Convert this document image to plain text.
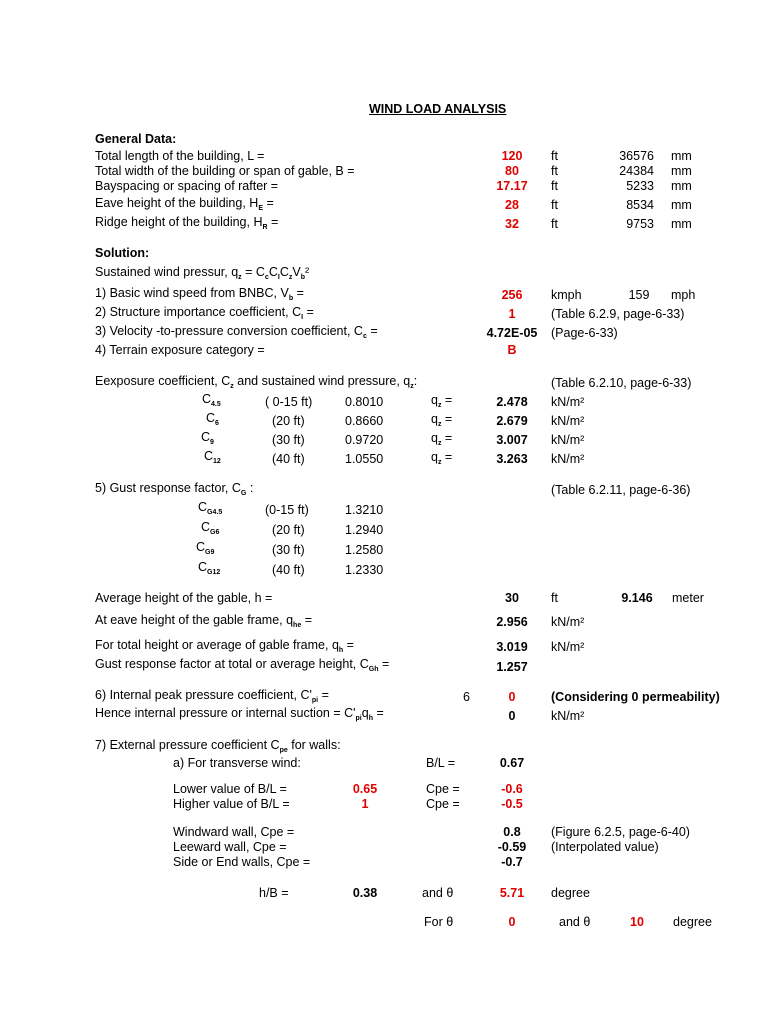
WIND LOAD ANALYSIS
General Data:
Total length of the building, L =	120	ft	36576 mm
Total width of the building or span of gable, B =	80	ft	24384 mm
Bayspacing or spacing of rafter =	17.17	ft	5233 mm
Eave height of the building, $H_E$ =	28	ft	8534 mm
Ridge height of the building, $H_R$ =	32	ft	9753 mm
Solution:
Sustained wind pressur, $q_z = C_cC_IC_zV_b^2$
1) Basic wind speed from BNBC, $V_b$ =	256	kmph	159	mph
2) Structure importance coefficient, $C_I$ =	1	(Table 6.2.9, page-6-33)
3) Velocity -to-pressure conversion coefficient, $C_c$ =	4.72E-05	(Page-6-33)
4) Terrain exposure category =	B
Eexposure coefficient, $C_z$ and sustained wind pressure, $q_z$:	(Table 6.2.10, page-6-33)
$C_{4.5}$	( 0-15 ft)	0.8010	$q_z$ =	2.478	kN/m²
$C_6$	(20 ft)	0.8660	$q_z$ =	2.679	kN/m²
$C_9$	(30 ft)	0.9720	$q_z$ =	3.007	kN/m²
$C_{12}$	(40 ft)	1.0550	$q_z$ =	3.263	kN/m²
5) Gust response factor, $C_G$ :	(Table 6.2.11, page-6-36)
$C_{G4.5}$	(0-15 ft)	1.3210
$C_{G6}$	(20 ft)	1.2940
$C_{G9}$	(30 ft)	1.2580
$C_{G12}$	(40 ft)	1.2330
Average height of the gable, h =	30	ft	9.146	meter
At eave height of the gable frame, $q_{he}$ =	2.956	kN/m²
For total height or average of gable frame, $q_h$ =	3.019	kN/m²
Gust response factor at total or average height, $C_{Gh}$ =	1.257
6) Internal peak pressure coefficient, $C'_{pi}$ =	6	0	(Considering 0 permeability)
Hence internal pressure or internal suction = $C'_{pi}q_h$ =	0	kN/m²
7) External pressure coefficient $C_{pe}$ for walls:
a) For transverse wind:	B/L =	0.67
Lower value of B/L =	0.65	Cpe =	-0.6
Higher value of B/L =	1	Cpe =	-0.5
Windward wall, Cpe =	0.8	(Figure 6.2.5, page-6-40)
Leeward wall, Cpe =	-0.59	(Interpolated value)
Side or End walls, Cpe =	-0.7
h/B =	0.38	and θ	5.71	degree
For θ	0	and θ	10	degree
